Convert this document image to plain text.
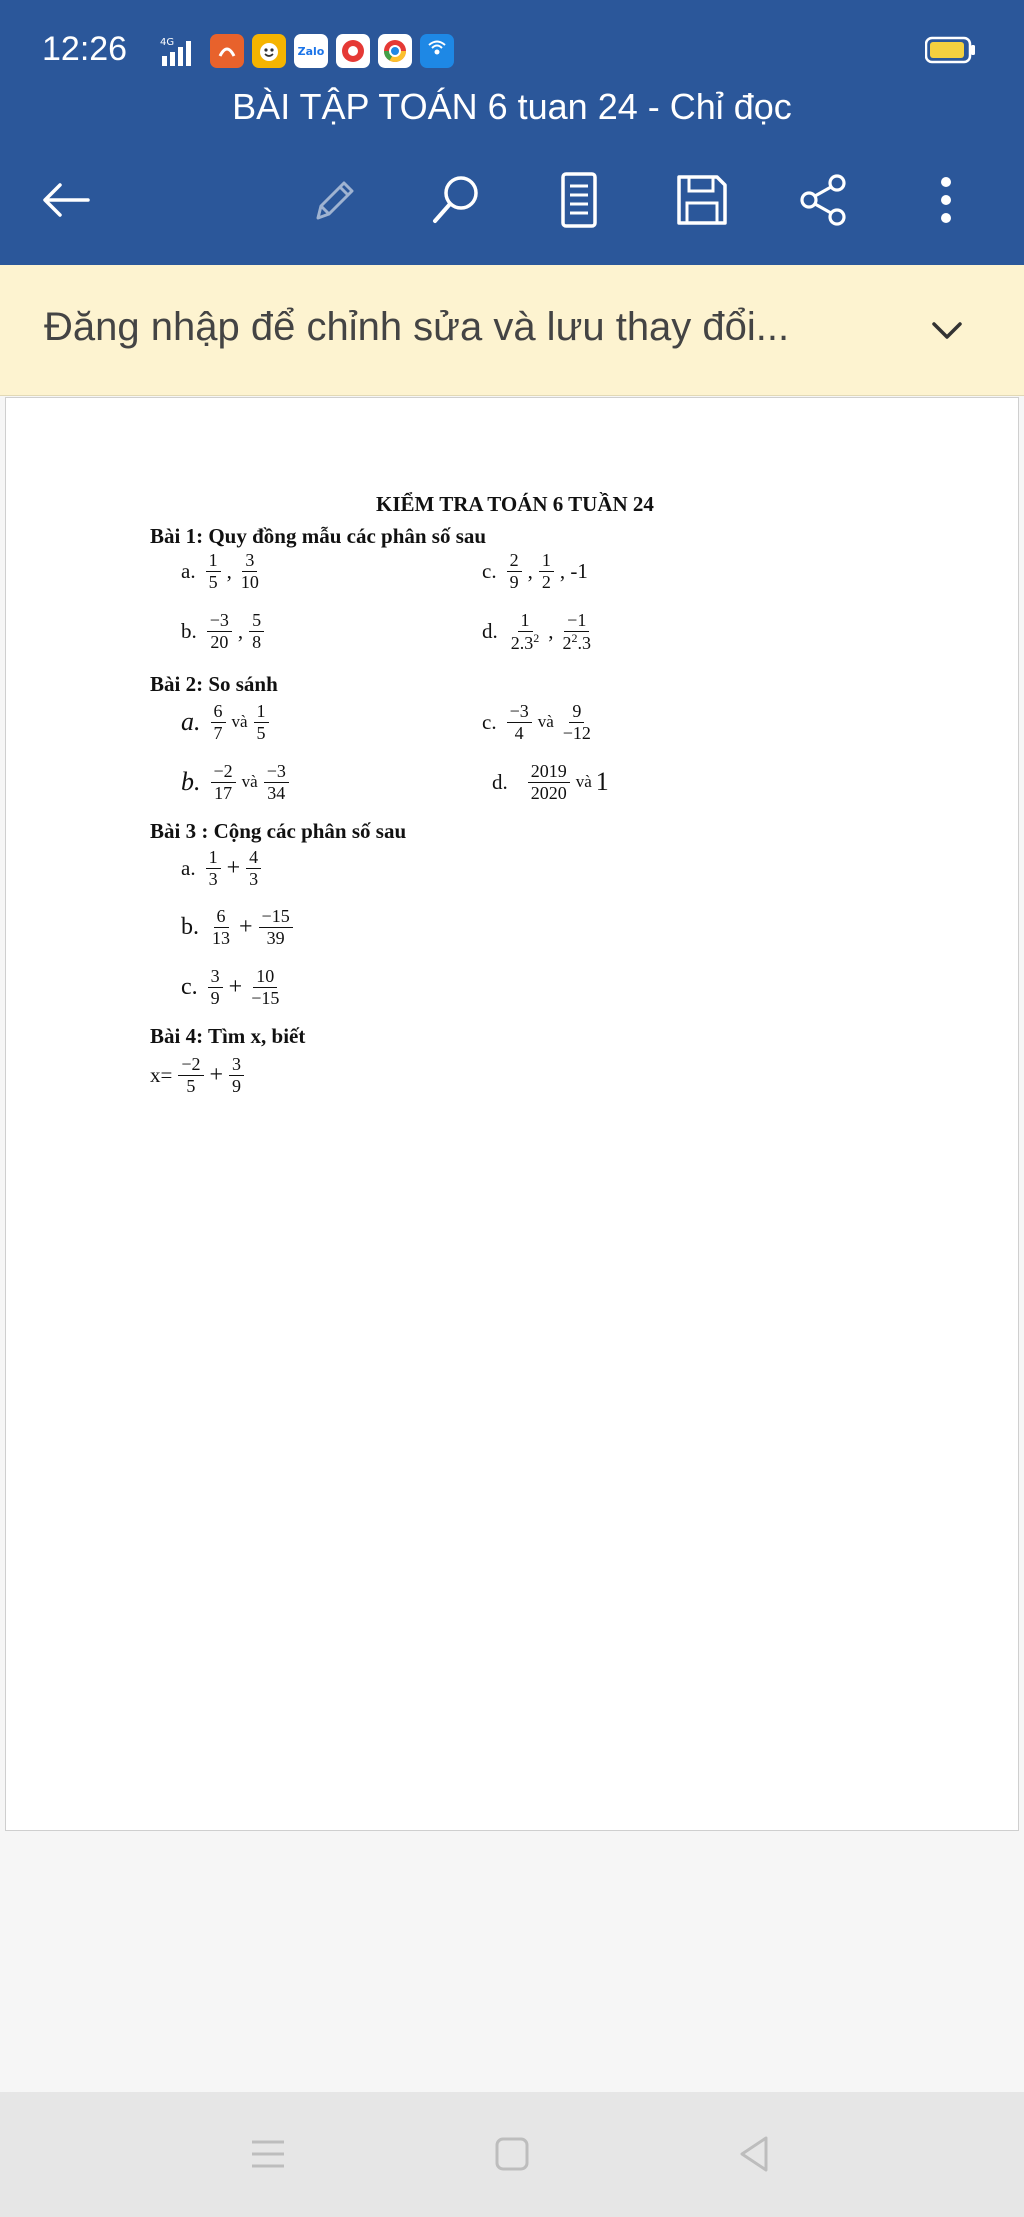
12:26	4G
Zalo
BÀI TẬP TOÁN 6 tuan 24 - Chỉ đọc
Đăng nhập để chỉnh sửa và lưu thay đổi...
KIỂM TRA TOÁN 6 TUẦN 24
Bài 1: Quy đồng mẫu các phân số sau
a. $\frac{1}{5}$ , $\frac{3}{10}$	c. $\frac{2}{9}$ , $\frac{1}{2}$ , -1
b. $\frac{-3}{20}$ , $\frac{5}{8}$	d. $\frac{1}{2.3^2}$ , $\frac{-1}{2^2.3}$
Bài 2: So sánh
a. $\frac{6}{7}$ và $\frac{1}{5}$	c. $\frac{-3}{4}$ và $\frac{9}{-12}$
b. $\frac{-2}{17}$ và $\frac{-3}{34}$	d. $\frac{2019}{2020}$ và 1
Bài 3 : Cộng các phân số sau
a. $\frac{1}{3} + \frac{4}{3}$
b. $\frac{6}{13} + \frac{-15}{39}$
c. $\frac{3}{9} + \frac{10}{-15}$
Bài 4: Tìm x, biết
$x= \frac{-2}{5} + \frac{3}{9}$
